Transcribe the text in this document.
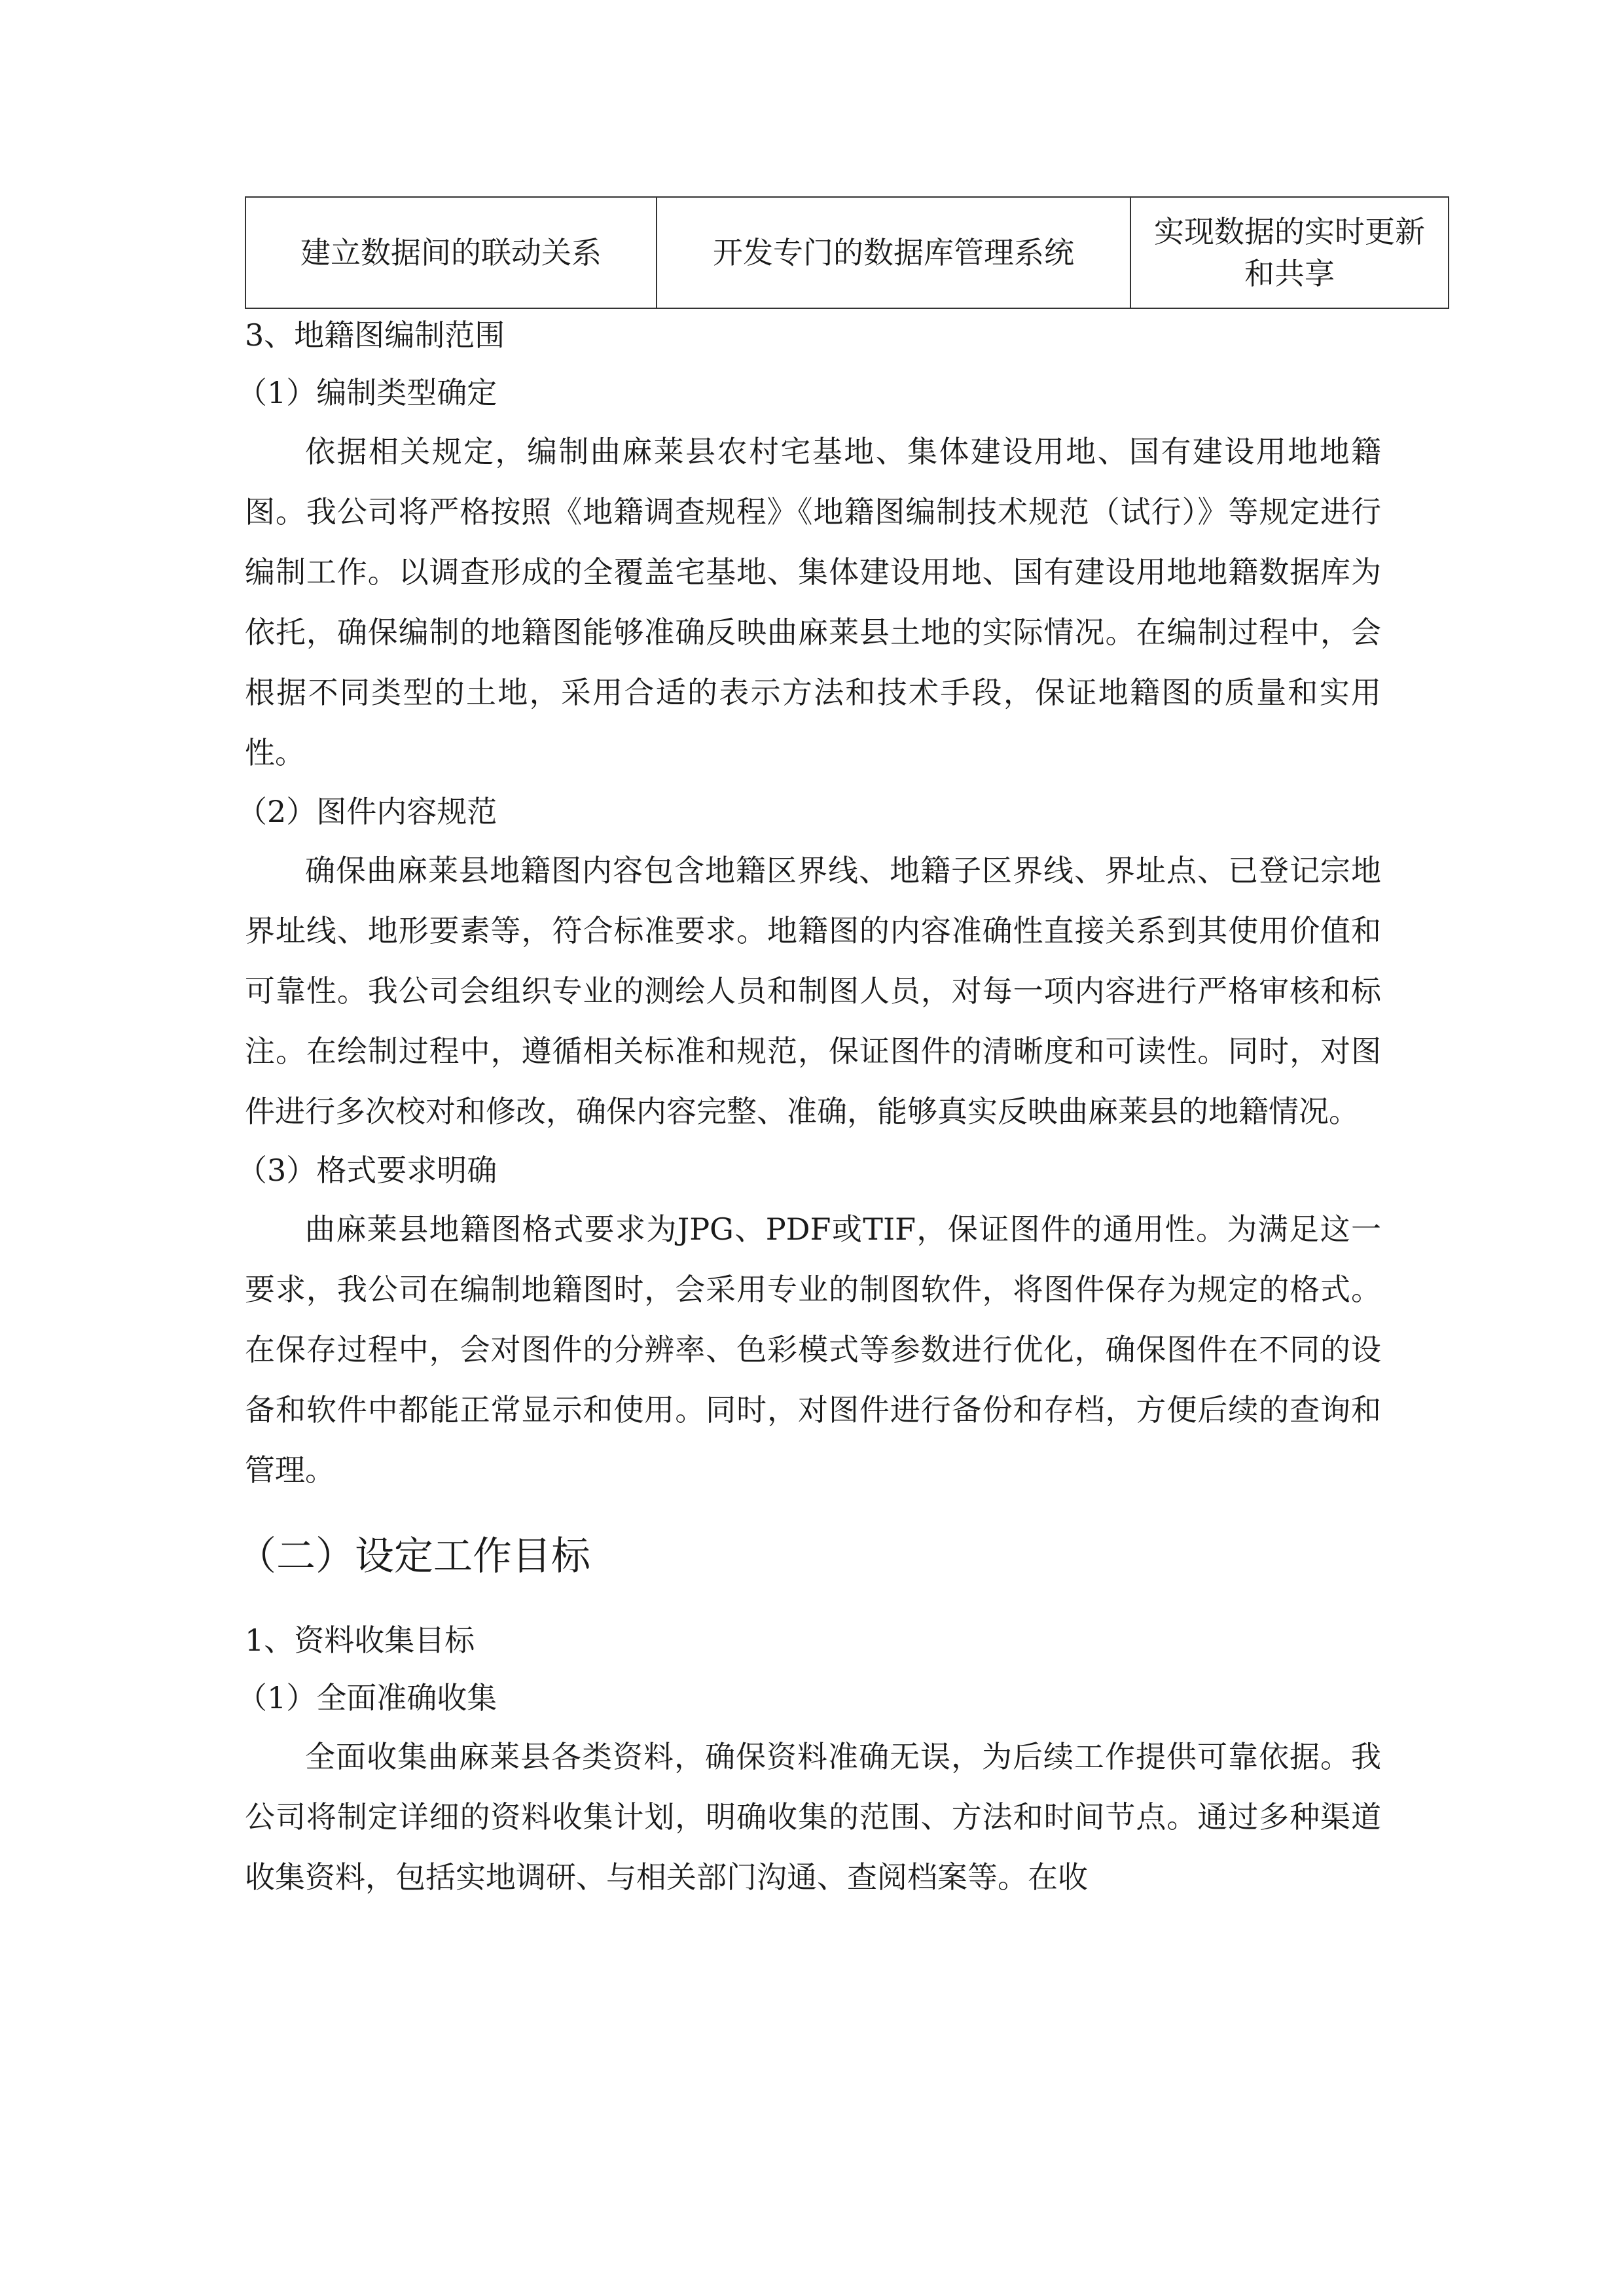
建立数据间的联动关系	开发专门的数据库管理系统	实现数据的实时更新和共享

3、地籍图编制范围

（1）编制类型确定

依据相关规定，编制曲麻莱县农村宅基地、集体建设用地、国有建设用地地籍图。我公司将严格按照《地籍调查规程》《地籍图编制技术规范（试行）》等规定进行编制工作。以调查形成的全覆盖宅基地、集体建设用地、国有建设用地地籍数据库为依托，确保编制的地籍图能够准确反映曲麻莱县土地的实际情况。在编制过程中，会根据不同类型的土地，采用合适的表示方法和技术手段，保证地籍图的质量和实用性。

（2）图件内容规范

确保曲麻莱县地籍图内容包含地籍区界线、地籍子区界线、界址点、已登记宗地界址线、地形要素等，符合标准要求。地籍图的内容准确性直接关系到其使用价值和可靠性。我公司会组织专业的测绘人员和制图人员，对每一项内容进行严格审核和标注。在绘制过程中，遵循相关标准和规范，保证图件的清晰度和可读性。同时，对图件进行多次校对和修改，确保内容完整、准确，能够真实反映曲麻莱县的地籍情况。

（3）格式要求明确

曲麻莱县地籍图格式要求为JPG、PDF或TIF，保证图件的通用性。为满足这一要求，我公司在编制地籍图时，会采用专业的制图软件，将图件保存为规定的格式。在保存过程中，会对图件的分辨率、色彩模式等参数进行优化，确保图件在不同的设备和软件中都能正常显示和使用。同时，对图件进行备份和存档，方便后续的查询和管理。

（二）设定工作目标

1、资料收集目标

（1）全面准确收集

全面收集曲麻莱县各类资料，确保资料准确无误，为后续工作提供可靠依据。我公司将制定详细的资料收集计划，明确收集的范围、方法和时间节点。通过多种渠道收集资料，包括实地调研、与相关部门沟通、查阅档案等。在收
